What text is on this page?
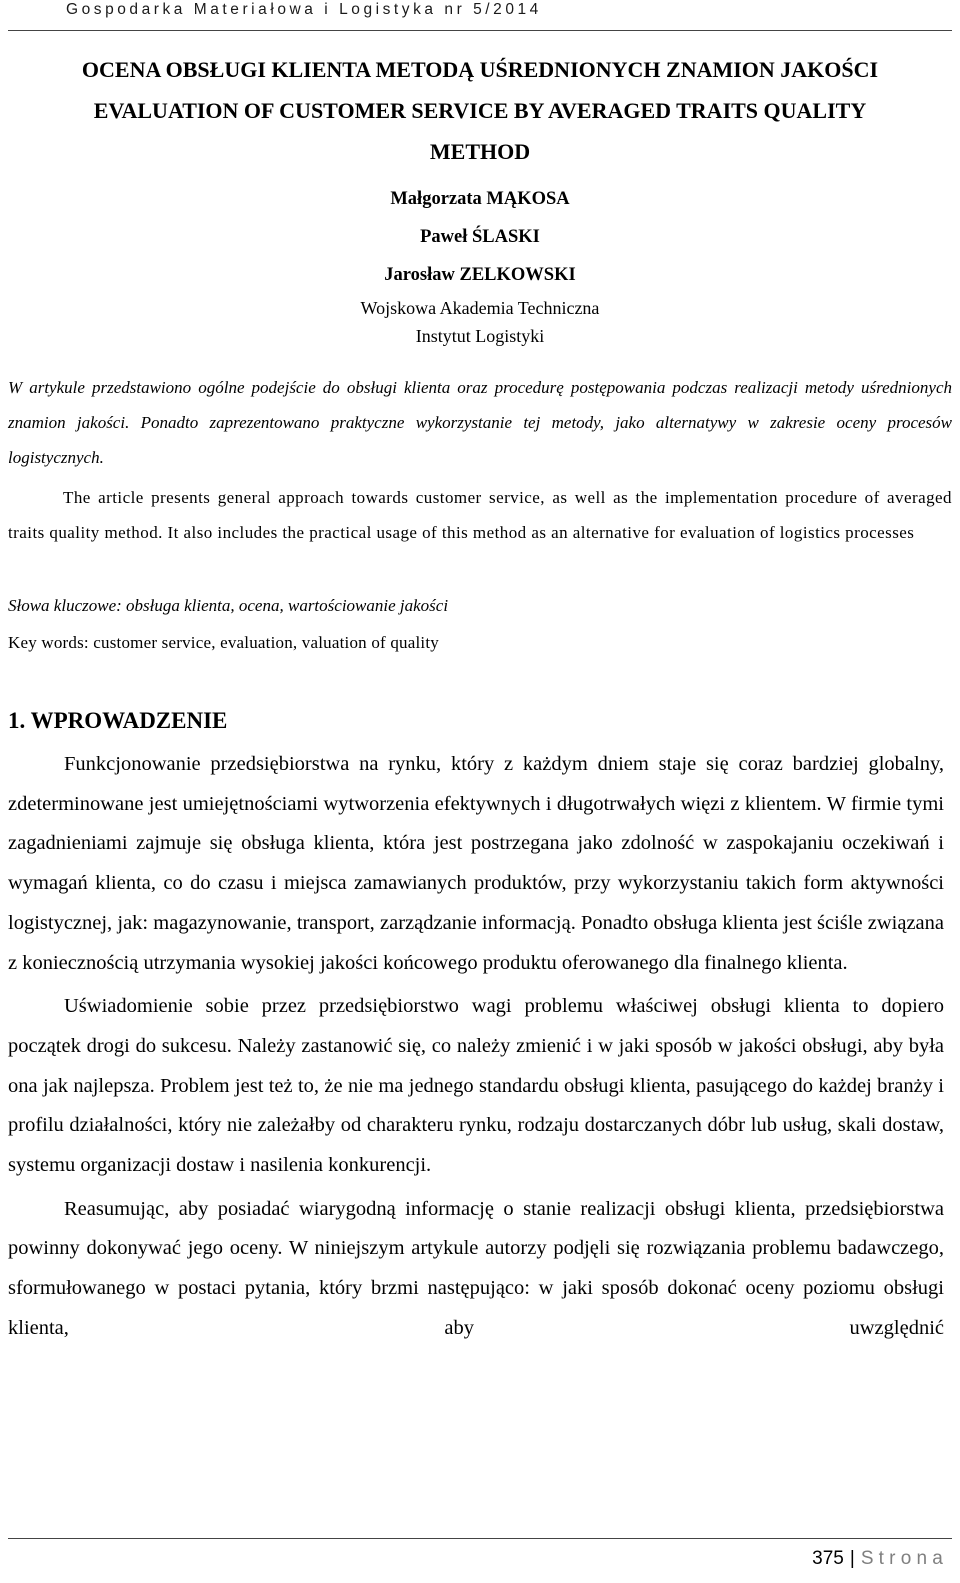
Gospodarka Materiałowa i Logistyka nr 5/2014
OCENA OBSŁUGI KLIENTA METODĄ UŚREDNIONYCH ZNAMION JAKOŚCI
EVALUATION OF CUSTOMER SERVICE BY AVERAGED TRAITS QUALITY
METHOD
Małgorzata MĄKOSA
Paweł ŚLASKI
Jarosław ZELKOWSKI
Wojskowa Akademia Techniczna
Instytut Logistyki
W artykule przedstawiono ogólne podejście do obsługi klienta oraz procedurę postępowania podczas realizacji metody uśrednionych znamion jakości. Ponadto zaprezentowano praktyczne wykorzystanie tej metody, jako alternatywy w zakresie oceny procesów logistycznych.
The article presents general approach towards customer service, as well as the implementation procedure of averaged traits quality method. It also includes the practical usage of this method as an alternative for evaluation of logistics processes
Słowa kluczowe: obsługa klienta, ocena, wartościowanie jakości
Key words: customer service, evaluation, valuation of quality
1. WPROWADZENIE

Funkcjonowanie przedsiębiorstwa na rynku, który z każdym dniem staje się coraz bardziej globalny, zdeterminowane jest umiejętnościami wytworzenia efektywnych i długotrwałych więzi z klientem. W firmie tymi zagadnieniami zajmuje się obsługa klienta, która jest postrzegana jako zdolność w zaspokajaniu oczekiwań i wymagań klienta, co do czasu i miejsca zamawianych produktów, przy wykorzystaniu takich form aktywności logistycznej, jak: magazynowanie, transport, zarządzanie informacją. Ponadto obsługa klienta jest ściśle związana z koniecznością utrzymania wysokiej jakości końcowego produktu oferowanego dla finalnego klienta.

Uświadomienie sobie przez przedsiębiorstwo wagi problemu właściwej obsługi klienta to dopiero początek drogi do sukcesu. Należy zastanowić się, co należy zmienić i w jaki sposób w jakości obsługi, aby była ona jak najlepsza. Problem jest też to, że nie ma jednego standardu obsługi klienta, pasującego do każdej branży i profilu działalności, który nie zależałby od charakteru rynku, rodzaju dostarczanych dóbr lub usług, skali dostaw, systemu organizacji dostaw i nasilenia konkurencji.

Reasumując, aby posiadać wiarygodną informację o stanie realizacji obsługi klienta, przedsiębiorstwa powinny dokonywać jego oceny. W niniejszym artykule autorzy podjęli się rozwiązania problemu badawczego, sformułowanego w postaci pytania, który brzmi następująco: w jaki sposób dokonać oceny poziomu obsługi klienta, aby uwzględnić

375 | Strona
